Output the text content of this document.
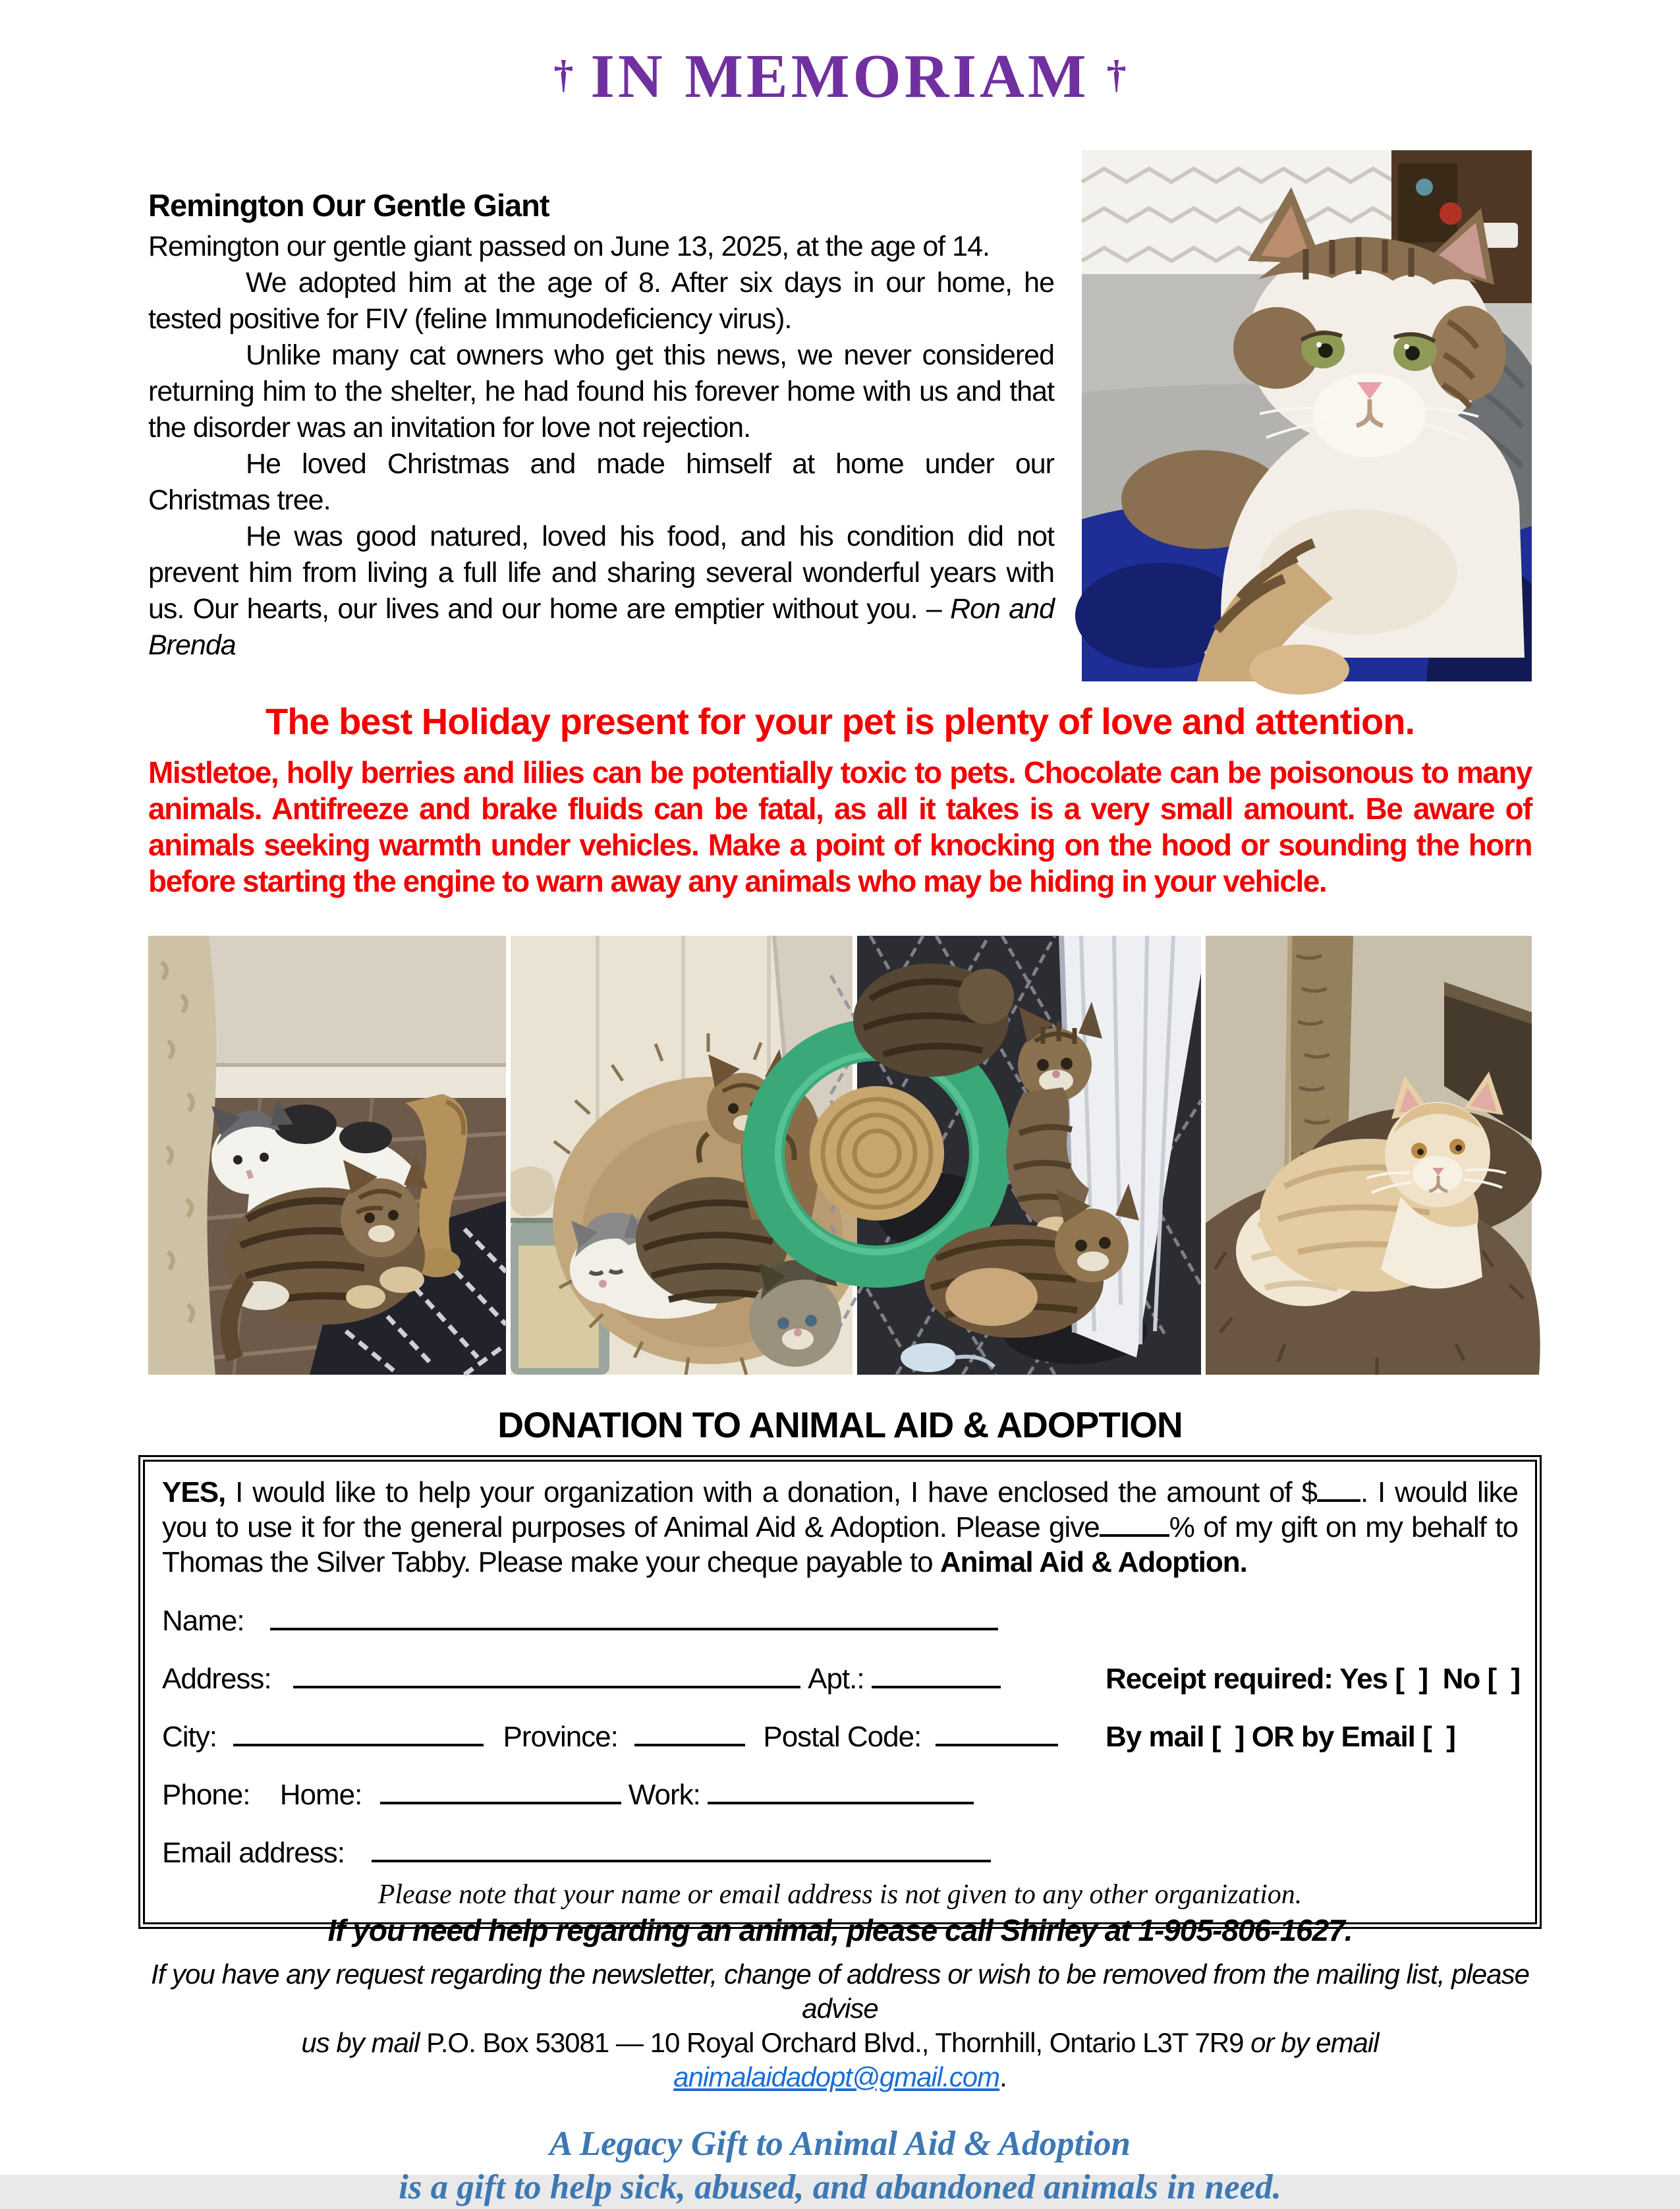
† IN MEMORIAM †
Remington Our Gentle Giant

Remington our gentle giant passed on June 13, 2025, at the age of 14.

We adopted him at the age of 8. After six days in our home, he tested positive for FIV (feline Immunodeficiency virus).

Unlike many cat owners who get this news, we never considered returning him to the shelter, he had found his forever home with us and that the disorder was an invitation for love not rejection.

He loved Christmas and made himself at home under our Christmas tree.

He was good natured, loved his food, and his condition did not prevent him from living a full life and sharing several wonderful years with us. Our hearts, our lives and our home are emptier without you. – Ron and Brenda

The best Holiday present for your pet is plenty of love and attention.
Mistletoe, holly berries and lilies can be potentially toxic to pets. Chocolate can be poisonous to many animals. Antifreeze and brake fluids can be fatal, as all it takes is a very small amount. Be aware of animals seeking warmth under vehicles. Make a point of knocking on the hood or sounding the horn before starting the engine to warn away any animals who may be hiding in your vehicle.
DONATION TO ANIMAL AID & ADOPTION

YES, I would like to help your organization with a donation, I have enclosed the amount of $ . I would like you to use it for the general purposes of Animal Aid & Adoption. Please give % of my gift on my behalf to Thomas the Silver Tabby. Please make your cheque payable to Animal Aid & Adoption.

Name:
Address:	Apt.:	Receipt required: Yes [  ]  No [  ]
City:	Province:	Postal Code:	By mail [  ] OR by Email [  ]
Phone: Home:	Work:
Email address:

Please note that your name or email address is not given to any other organization.

If you need help regarding an animal, please call Shirley at 1-905-806-1627.

If you have any request regarding the newsletter, change of address or wish to be removed from the mailing list, please advise
us by mail P.O. Box 53081 — 10 Royal Orchard Blvd., Thornhill, Ontario L3T 7R9 or by email animalaidadopt@gmail.com.

A Legacy Gift to Animal Aid & Adoption
is a gift to help sick, abused, and abandoned animals in need.
